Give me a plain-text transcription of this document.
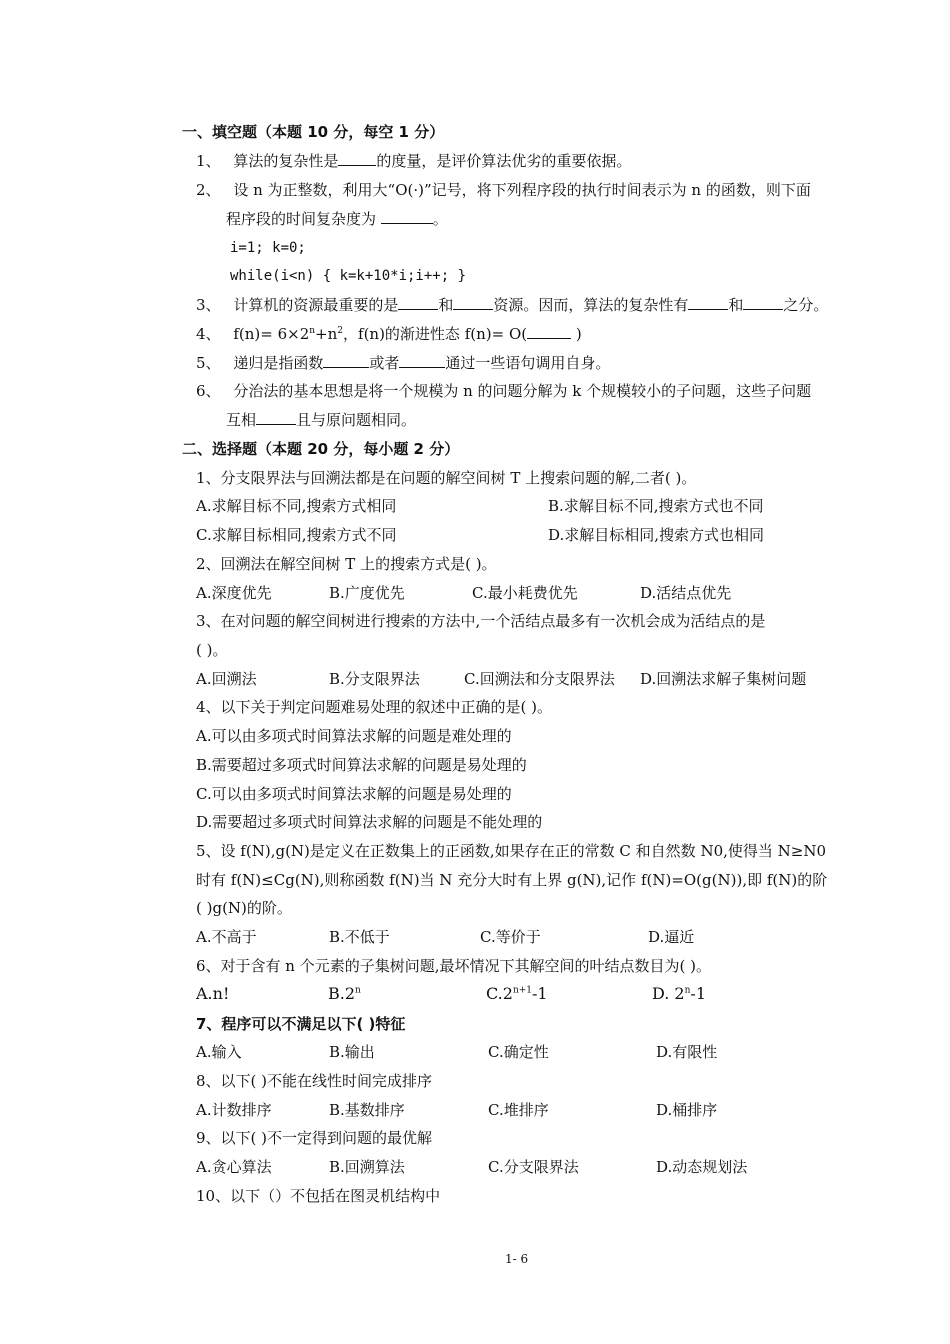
一、填空题（本题 10 分，每空 1 分）
1、 算法的复杂性是	的度量，是评价算法优劣的重要依据。
2、 设 n 为正整数，利用大“O(·)”记号，将下列程序段的执行时间表示为 n 的函数，则下面
程序段的时间复杂度为	。
i=1; k=0;
while(i<n) { k=k+10*i;i++; }
3、 计算机的资源最重要的是	和	资源。因而，算法的复杂性有	和	之分。
4、 $f(n)= 6\times 2^n+n^2$，f(n)的渐进性态 f(n)= O(	)
5、 递归是指函数	或者	通过一些语句调用自身。
6、 分治法的基本思想是将一个规模为 n 的问题分解为 k 个规模较小的子问题，这些子问题
互相	且与原问题相同。
二、选择题（本题 20 分，每小题 2 分）
1、分支限界法与回溯法都是在问题的解空间树 T 上搜索问题的解,二者( )。
A.求解目标不同,搜索方式相同	B.求解目标不同,搜索方式也不同
C.求解目标相同,搜索方式不同	D.求解目标相同,搜索方式也相同
2、回溯法在解空间树 T 上的搜索方式是( )。
A.深度优先	B.广度优先	C.最小耗费优先	D.活结点优先
3、在对问题的解空间树进行搜索的方法中,一个活结点最多有一次机会成为活结点的是
( )。
A.回溯法	B.分支限界法	C.回溯法和分支限界法 D.回溯法求解子集树问题
4、以下关于判定问题难易处理的叙述中正确的是( )。
A.可以由多项式时间算法求解的问题是难处理的
B.需要超过多项式时间算法求解的问题是易处理的
C.可以由多项式时间算法求解的问题是易处理的
D.需要超过多项式时间算法求解的问题是不能处理的
5、设 f(N),g(N)是定义在正数集上的正函数,如果存在正的常数 C 和自然数 N0,使得当 N≥N0
时有 f(N)≤Cg(N),则称函数 f(N)当 N 充分大时有上界 g(N),记作 f(N)=O(g(N)),即 f(N)的阶
( )g(N)的阶。
A.不高于	B.不低于	C.等价于	D.逼近
6、对于含有 n 个元素的子集树问题,最坏情况下其解空间的叶结点数目为( )。
A.n!	B.2$^n$	$C.2^{n+1}-1$	D. 2$^n$-1
7、程序可以不满足以下( )特征
A.输入	B.输出	C.确定性	D.有限性
8、以下( )不能在线性时间完成排序
A.计数排序	B.基数排序	C.堆排序	D.桶排序
9、以下( )不一定得到问题的最优解
A.贪心算法	B.回溯算法	C.分支限界法	D.动态规划法
10、以下（）不包括在图灵机结构中
1- 6
